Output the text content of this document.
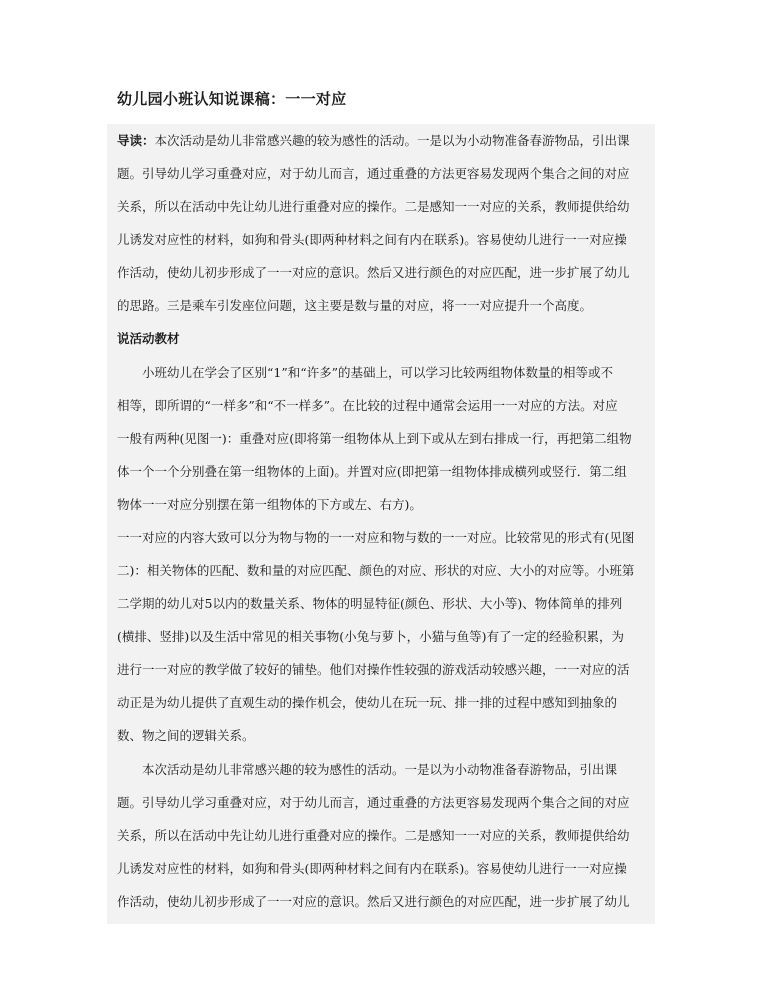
幼儿园小班认知说课稿：一一对应
导读：本次活动是幼儿非常感兴趣的较为感性的活动。一是以为小动物准备春游物品，引出课
题。引导幼儿学习重叠对应，对于幼儿而言，通过重叠的方法更容易发现两个集合之间的对应
关系，所以在活动中先让幼儿进行重叠对应的操作。二是感知一一对应的关系，教师提供给幼
儿诱发对应性的材料，如狗和骨头(即两种材料之间有内在联系)。容易使幼儿进行一一对应操
作活动，使幼儿初步形成了一一对应的意识。然后又进行颜色的对应匹配，进一步扩展了幼儿
的思路。三是乘车引发座位问题，这主要是数与量的对应，将一一对应提升一个高度。
说活动教材
小班幼儿在学会了区别“1”和“许多”的基础上，可以学习比较两组物体数量的相等或不
相等，即所谓的“一样多”和“不一样多”。在比较的过程中通常会运用一一对应的方法。对应
一般有两种(见图一)：重叠对应(即将第一组物体从上到下或从左到右排成一行，再把第二组物
体一个一个分别叠在第一组物体的上面)。并置对应(即把第一组物体排成横列或竖行．第二组
物体一一对应分别摆在第一组物体的下方或左、右方)。
一一对应的内容大致可以分为物与物的一一对应和物与数的一一对应。比较常见的形式有(见图
二)：相关物体的匹配、数和量的对应匹配、颜色的对应、形状的对应、大小的对应等。小班第
二学期的幼儿对5以内的数量关系、物体的明显特征(颜色、形状、大小等)、物体简单的排列
(横排、竖排)以及生活中常见的相关事物(小兔与萝卜，小猫与鱼等)有了一定的经验积累，为
进行一一对应的教学做了较好的铺垫。他们对操作性较强的游戏活动较感兴趣，一一对应的活
动正是为幼儿提供了直观生动的操作机会，使幼儿在玩一玩、排一排的过程中感知到抽象的
数、物之间的逻辑关系。
本次活动是幼儿非常感兴趣的较为感性的活动。一是以为小动物准备春游物品，引出课
题。引导幼儿学习重叠对应，对于幼儿而言，通过重叠的方法更容易发现两个集合之间的对应
关系，所以在活动中先让幼儿进行重叠对应的操作。二是感知一一对应的关系，教师提供给幼
儿诱发对应性的材料，如狗和骨头(即两种材料之间有内在联系)。容易使幼儿进行一一对应操
作活动，使幼儿初步形成了一一对应的意识。然后又进行颜色的对应匹配，进一步扩展了幼儿
